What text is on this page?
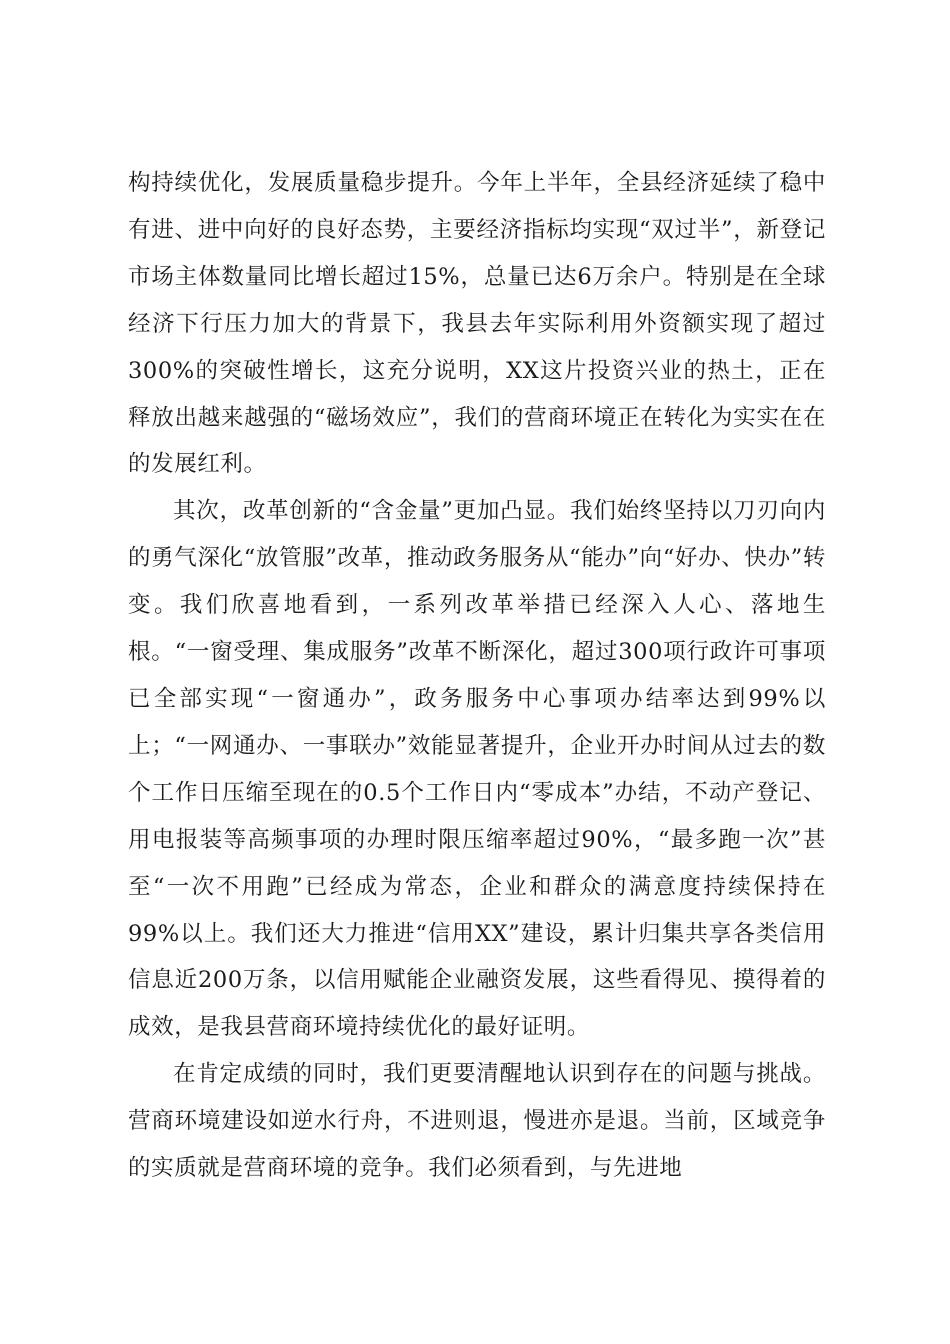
构持续优化，发展质量稳步提升。今年上半年，全县经济延续了稳中有进、进中向好的良好态势，主要经济指标均实现“双过半”，新登记市场主体数量同比增长超过15%，总量已达6万余户。特别是在全球经济下行压力加大的背景下，我县去年实际利用外资额实现了超过300%的突破性增长，这充分说明，XX这片投资兴业的热土，正在释放出越来越强的“磁场效应”，我们的营商环境正在转化为实实在在的发展红利。

其次，改革创新的“含金量”更加凸显。我们始终坚持以刀刃向内的勇气深化“放管服”改革，推动政务服务从“能办”向“好办、快办”转变。我们欣喜地看到，一系列改革举措已经深入人心、落地生根。“一窗受理、集成服务”改革不断深化，超过300项行政许可事项已全部实现“一窗通办”，政务服务中心事项办结率达到99%以上；“一网通办、一事联办”效能显著提升，企业开办时间从过去的数个工作日压缩至现在的0.5个工作日内“零成本”办结，不动产登记、用电报装等高频事项的办理时限压缩率超过90%，“最多跑一次”甚至“一次不用跑”已经成为常态，企业和群众的满意度持续保持在99%以上。我们还大力推进“信用XX”建设，累计归集共享各类信用信息近200万条，以信用赋能企业融资发展，这些看得见、摸得着的成效，是我县营商环境持续优化的最好证明。

在肯定成绩的同时，我们更要清醒地认识到存在的问题与挑战。营商环境建设如逆水行舟，不进则退，慢进亦是退。当前，区域竞争的实质就是营商环境的竞争。我们必须看到，与先进地
